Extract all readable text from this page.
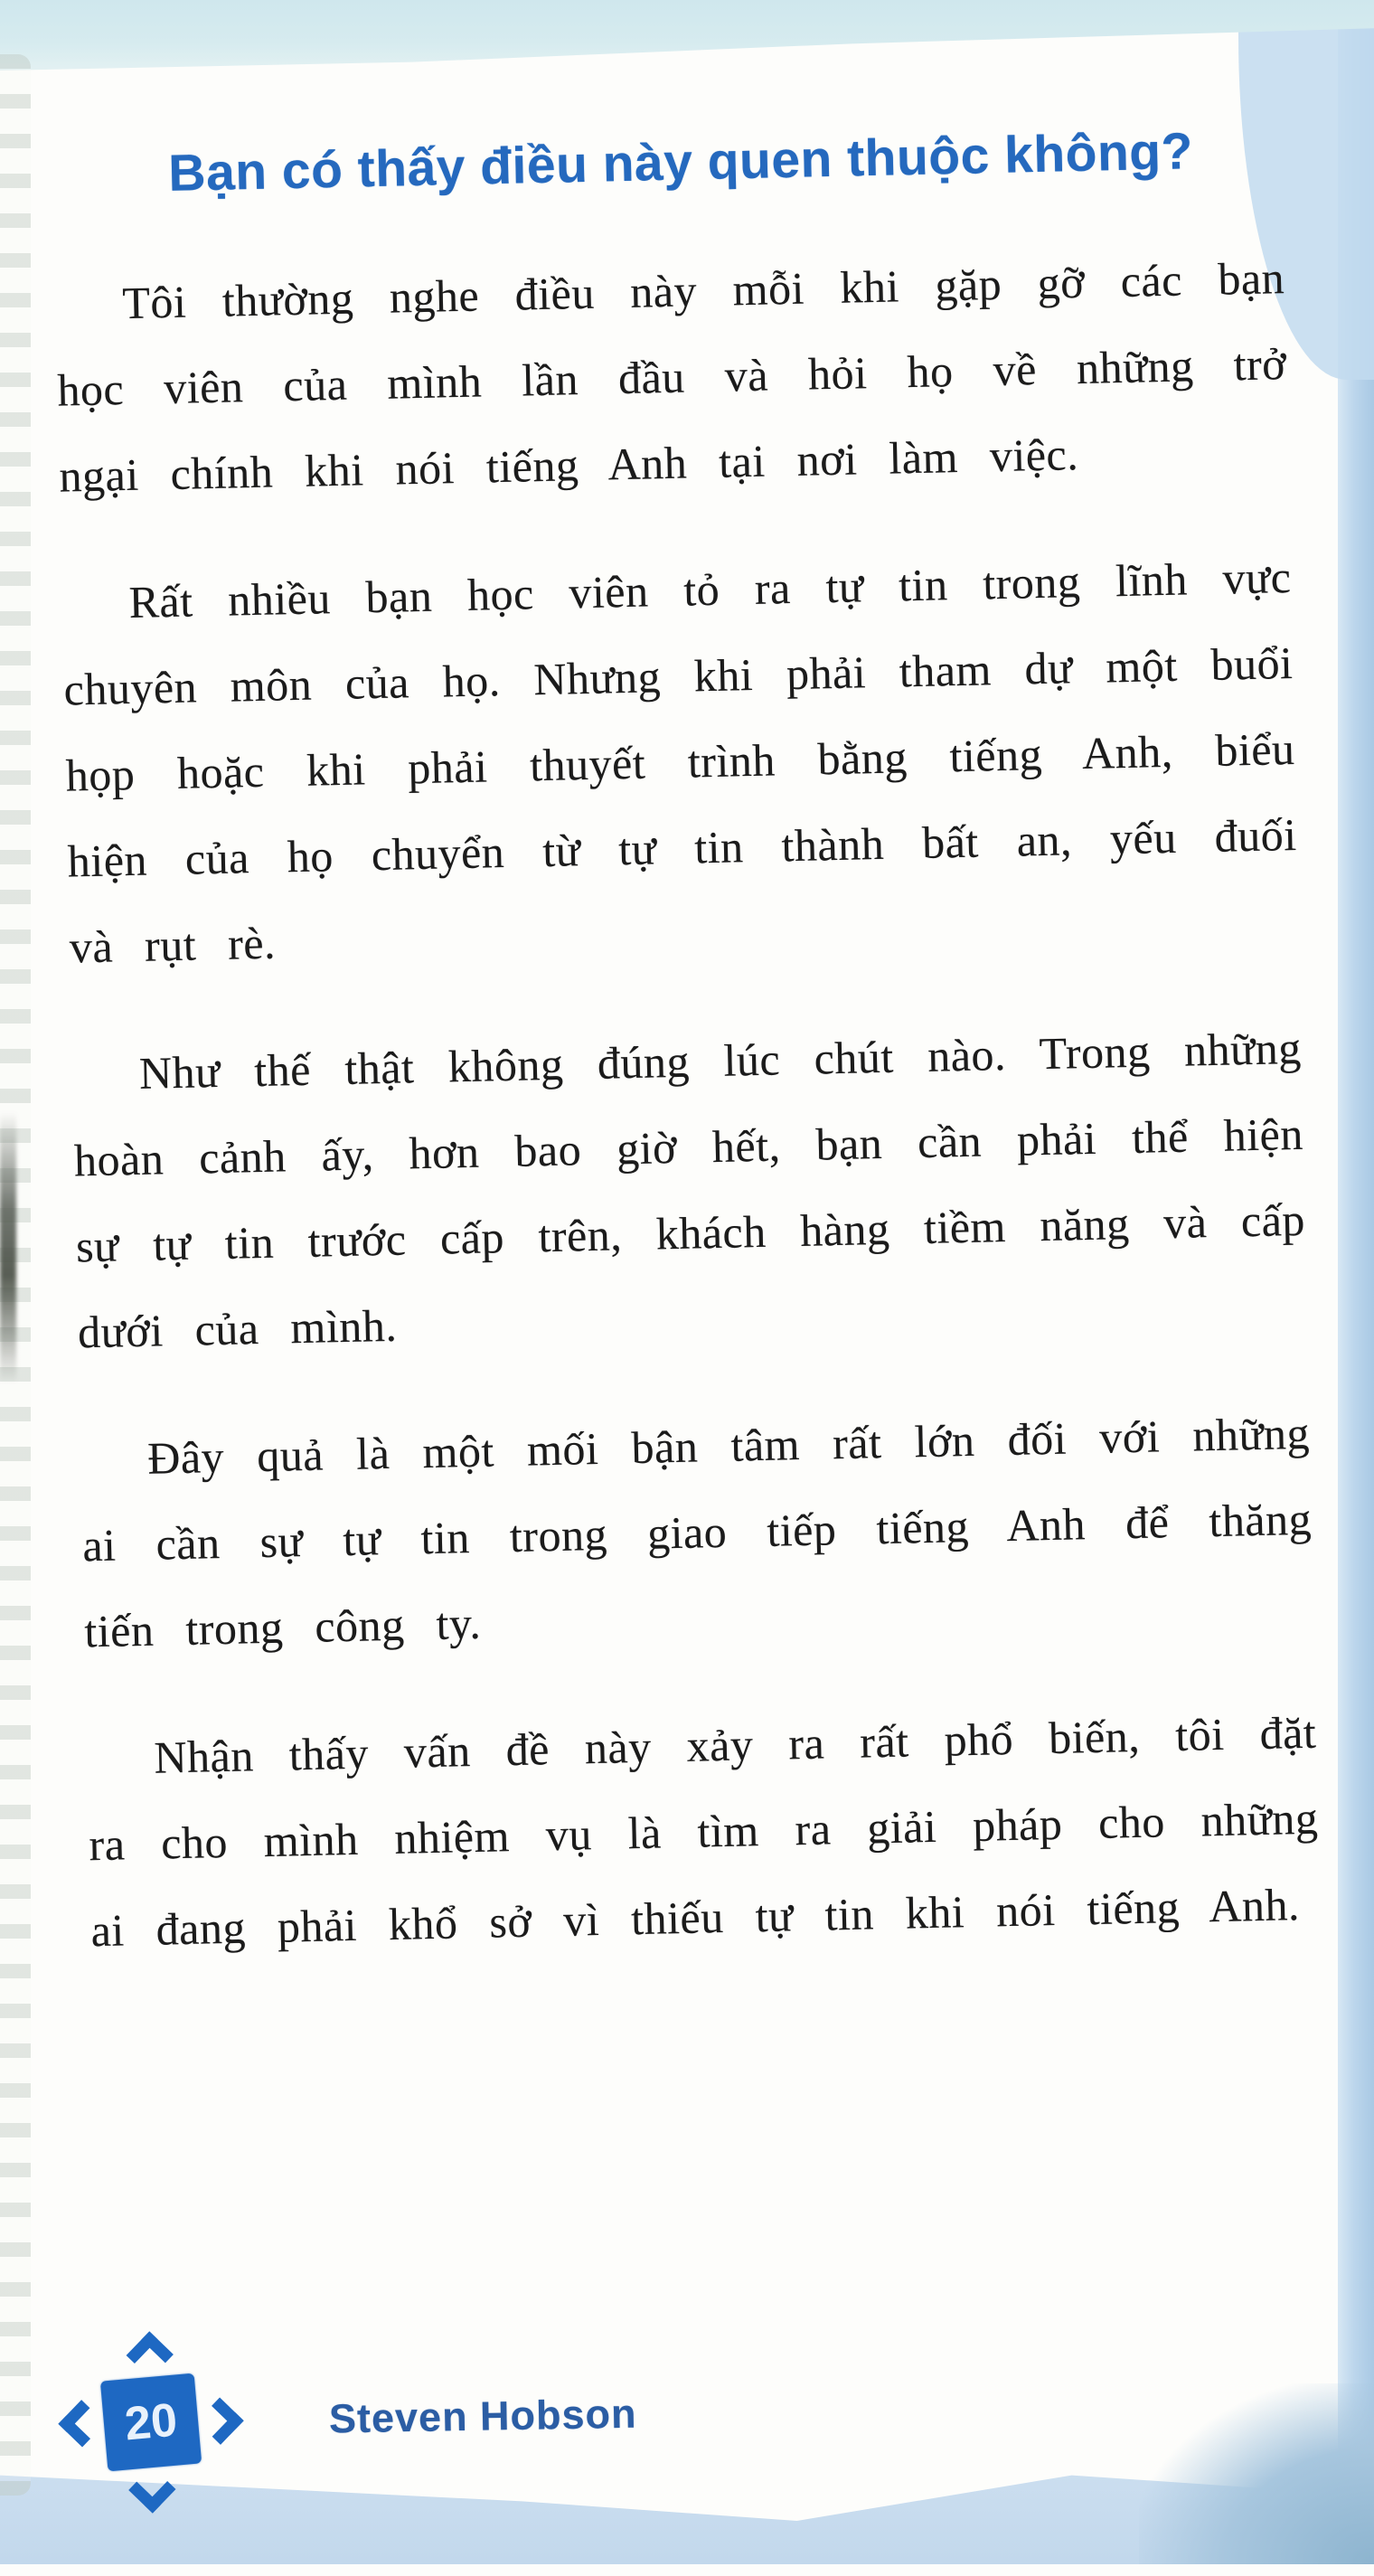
Bạn có thấy điều này quen thuộc không?

Tôi thường nghe điều này mỗi khi gặp gỡ các bạn học viên của mình lần đầu và hỏi họ về những trở ngại chính khi nói tiếng Anh tại nơi làm việc.

Rất nhiều bạn học viên tỏ ra tự tin trong lĩnh vực chuyên môn của họ. Nhưng khi phải tham dự một buổi họp hoặc khi phải thuyết trình bằng tiếng Anh, biểu hiện của họ chuyển từ tự tin thành bất an, yếu đuối và rụt rè.

Như thế thật không đúng lúc chút nào. Trong những hoàn cảnh ấy, hơn bao giờ hết, bạn cần phải thể hiện sự tự tin trước cấp trên, khách hàng tiềm năng và cấp dưới của mình.

Đây quả là một mối bận tâm rất lớn đối với những ai cần sự tự tin trong giao tiếp tiếng Anh để thăng tiến trong công ty.

Nhận thấy vấn đề này xảy ra rất phổ biến, tôi đặt ra cho mình nhiệm vụ là tìm ra giải pháp cho những ai đang phải khổ sở vì thiếu tự tin khi nói tiếng Anh.

20	Steven Hobson
